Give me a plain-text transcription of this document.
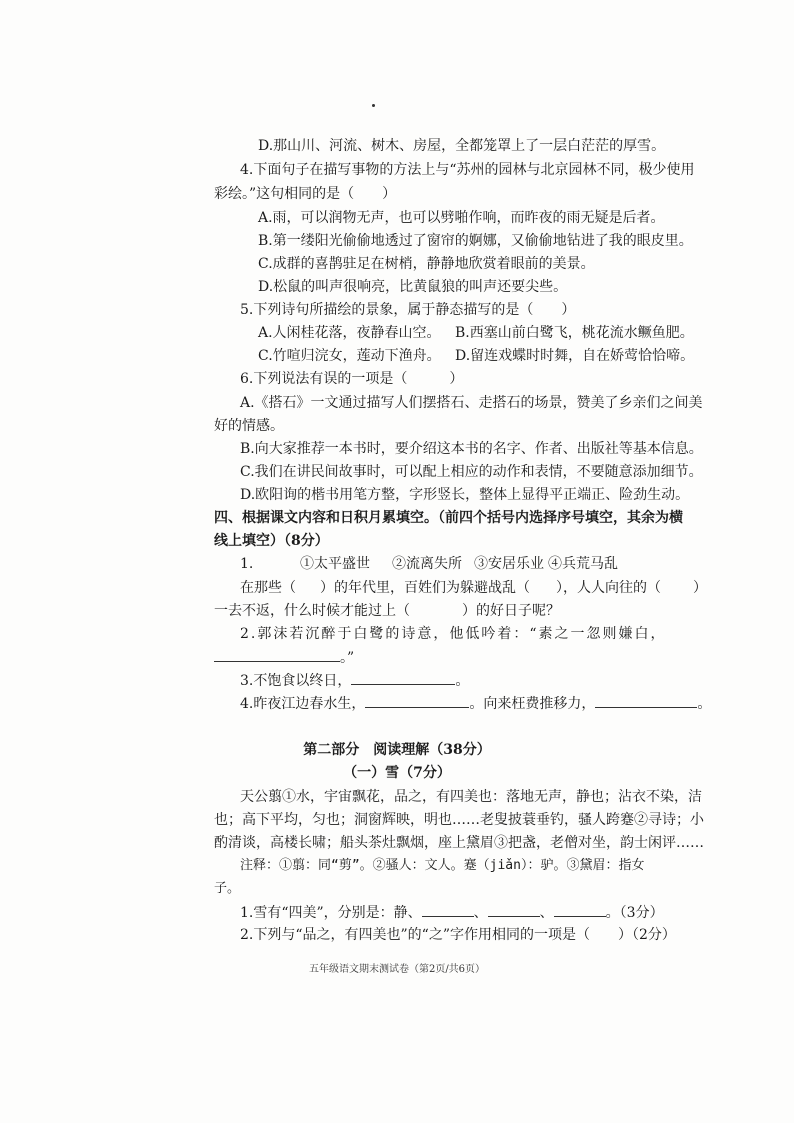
D.那山川、河流、树木、房屋，全都笼罩上了一层白茫茫的厚雪。
4.下面句子在描写事物的方法上与“苏州的园林与北京园林不同，极少使用
彩绘。”这句相同的是（　　）
A.雨，可以润物无声，也可以劈啪作响，而昨夜的雨无疑是后者。
B.第一缕阳光偷偷地透过了窗帘的婀娜，又偷偷地钻进了我的眼皮里。
C.成群的喜鹊驻足在树梢，静静地欣赏着眼前的美景。
D.松鼠的叫声很响亮，比黄鼠狼的叫声还要尖些。
5.下列诗句所描绘的景象，属于静态描写的是（　　）
A.人闲桂花落，夜静春山空。 B.西塞山前白鹭飞，桃花流水鳜鱼肥。
C.竹喧归浣女，莲动下渔舟。 D.留连戏蝶时时舞，自在娇莺恰恰啼。
6.下列说法有误的一项是（　　　）
A.《搭石》一文通过描写人们摆搭石、走搭石的场景，赞美了乡亲们之间美
好的情感。
B.向大家推荐一本书时，要介绍这本书的名字、作者、出版社等基本信息。
C.我们在讲民间故事时，可以配上相应的动作和表情，不要随意添加细节。
D.欧阳询的楷书用笔方整，字形竖长，整体上显得平正端正、险劲生动。
四、根据课文内容和日积月累填空。（前四个括号内选择序号填空，其余为横
线上填空）（8分）
1.	①太平盛世 ②流离失所 ③安居乐业 ④兵荒马乱
在那些（ ）的年代里，百姓们为躲避战乱（ ），人人向往的（ ）
一去不返，什么时候才能过上（	）的好日子呢？
2.郭沫若沉醉于白鹭的诗意，他低吟着：“素之一忽则嫌白，
。”
3.不饱食以终日，	。
4.昨夜江边春水生，	。向来枉费推移力，	。
第二部分　阅读理解（38分）
（一）雪（7分）
天公翦①水，宇宙飘花，品之，有四美也：落地无声，静也；沾衣不染，洁
也；高下平均，匀也；洞窗辉映，明也……老叟披蓑垂钓，骚人跨蹇②寻诗；小
酌清谈，高楼长啸；船头茶灶飘烟，座上黛眉③把盏，老僧对坐，韵士闲评……
注释：①翦：同“剪”。②骚人：文人。蹇（jiǎn）：驴。③黛眉：指女
子。
1.雪有“四美”，分别是：静、	、	、	。（3分）
2.下列与“品之，有四美也”的“之”字作用相同的一项是（　　）（2分）
五年级语文期末测试卷（第2页/共6页）
